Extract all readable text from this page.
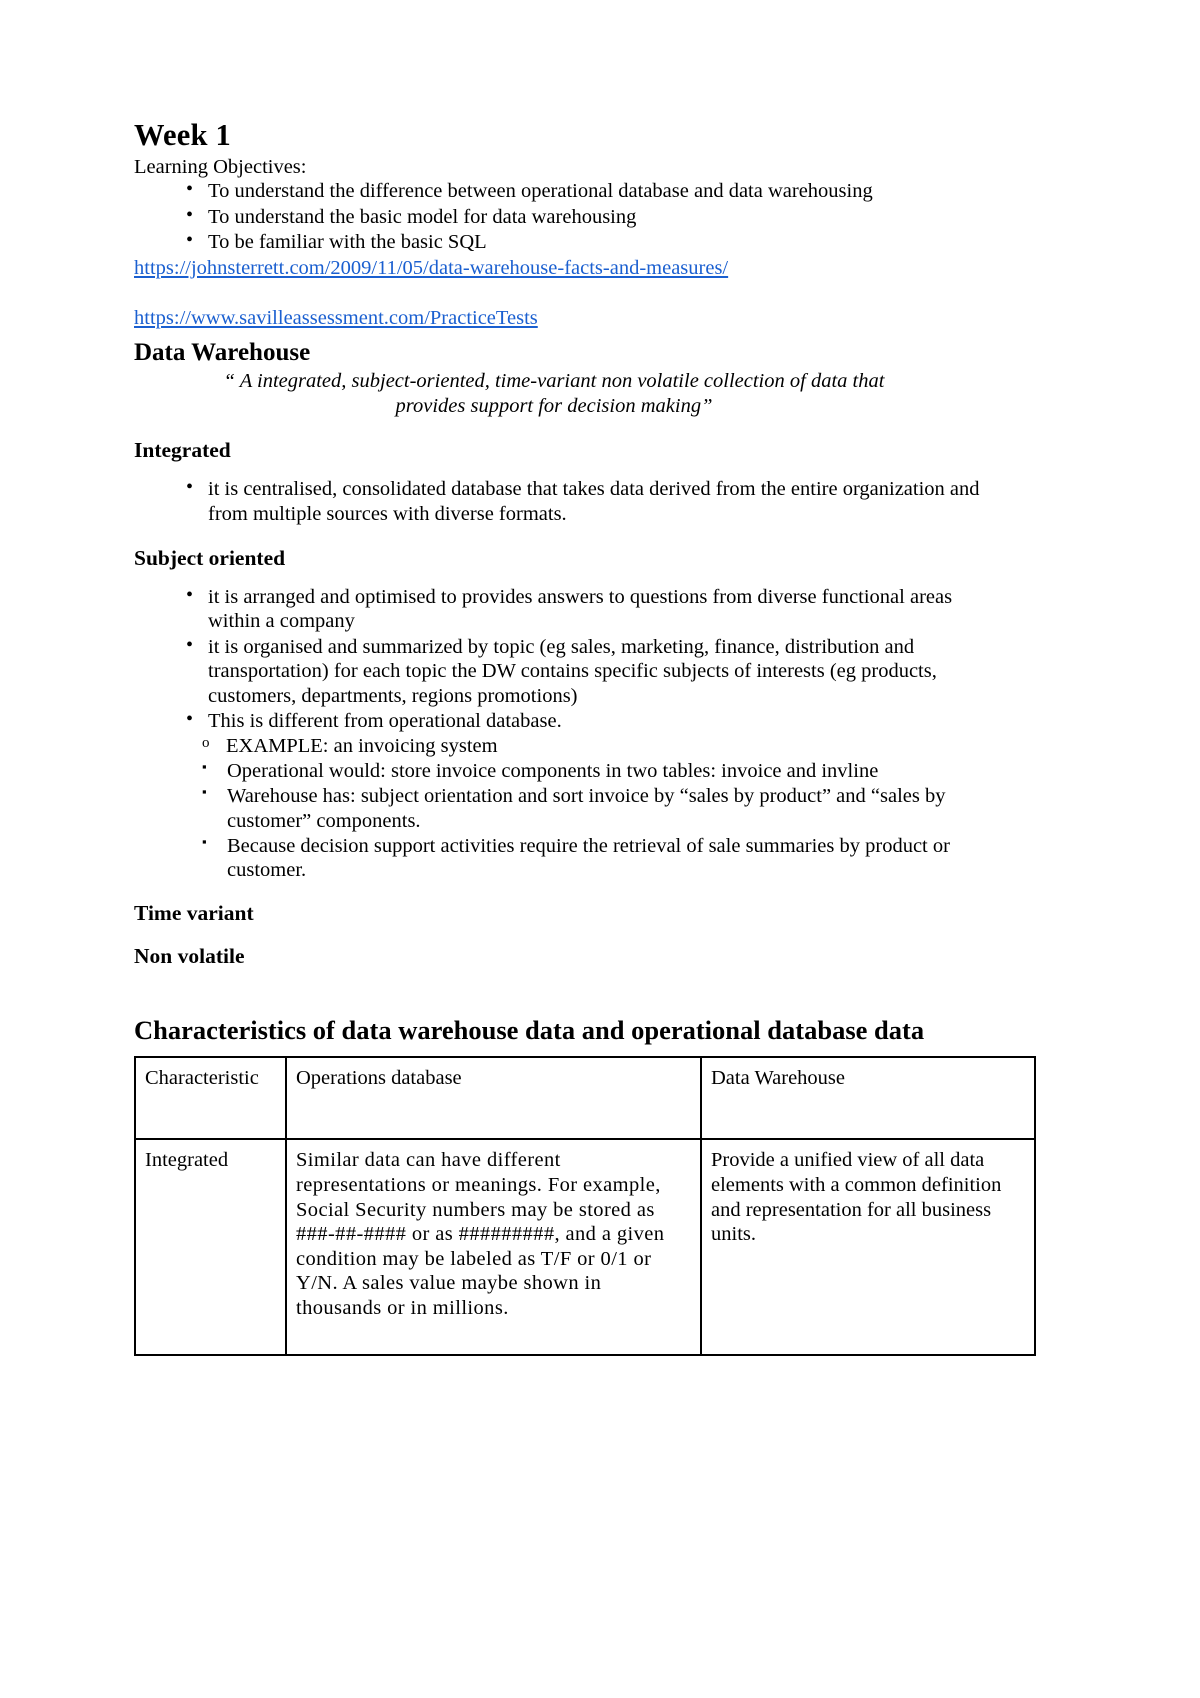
Week 1

Learning Objectives:

• To understand the difference between operational database and data warehousing
• To understand the basic model for data warehousing
• To be familiar with the basic SQL

https://johnsterrett.com/2009/11/05/data-warehouse-facts-and-measures/

https://www.savilleassessment.com/PracticeTests

Data Warehouse

“ A integrated, subject-oriented, time-variant non volatile collection of data that
provides support for decision making”

Integrated
• it is centralised, consolidated database that takes data derived from the entire organization and from multiple sources with diverse formats.
Subject oriented
• it is arranged and optimised to provides answers to questions from diverse functional areas within a company
• it is organised and summarized by topic (eg sales, marketing, finance, distribution and transportation) for each topic the DW contains specific subjects of interests (eg products, customers, departments, regions promotions)
• This is different from operational database.
o EXAMPLE: an invoicing system
▪ Operational would: store invoice components in two tables: invoice and invline
▪ Warehouse has: subject orientation and sort invoice by “sales by product” and “sales by customer” components.
▪ Because decision support activities require the retrieval of sale summaries by product or customer.
Time variant
Non volatile
Characteristics of data warehouse data and operational database data
Characteristic	Operations database	Data Warehouse
Integrated	Similar data can have different representations or meanings. For example, Social Security numbers may be stored as ###-##-#### or as #########, and a given condition may be labeled as T/F or 0/1 or Y/N. A sales value maybe shown in thousands or in millions.	Provide a unified view of all data elements with a common definition and representation for all business units.
